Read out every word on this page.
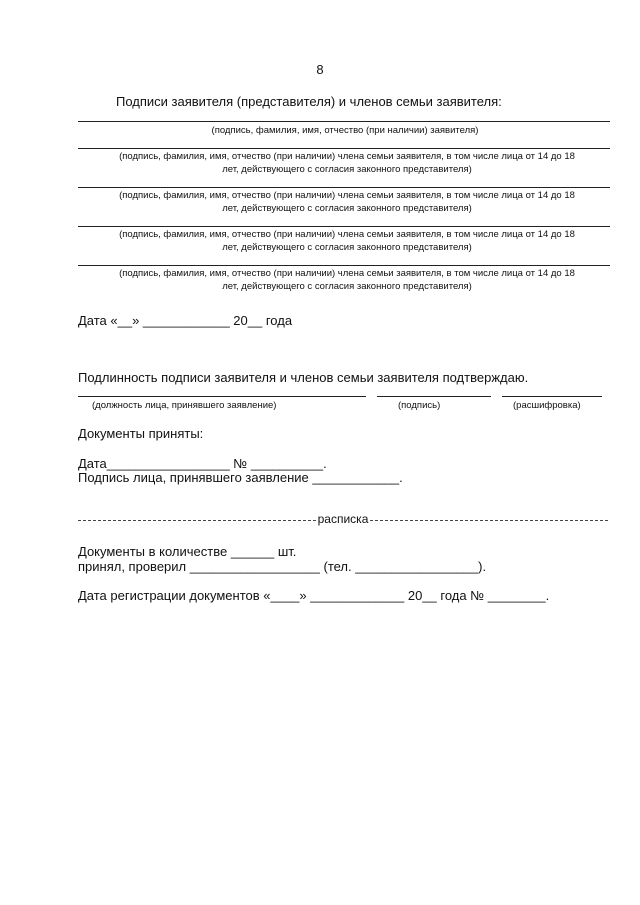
8
Подписи заявителя (представителя) и членов семьи заявителя:
(подпись, фамилия, имя, отчество (при наличии) заявителя)
(подпись, фамилия, имя, отчество (при наличии) члена семьи заявителя, в том числе лица от 14 до 18
лет, действующего с согласия законного представителя)
(подпись, фамилия, имя, отчество (при наличии) члена семьи заявителя, в том числе лица от 14 до 18
лет, действующего с согласия законного представителя)
(подпись, фамилия, имя, отчество (при наличии) члена семьи заявителя, в том числе лица от 14 до 18
лет, действующего с согласия законного представителя)
(подпись, фамилия, имя, отчество (при наличии) члена семьи заявителя, в том числе лица от 14 до 18
лет, действующего с согласия законного представителя)
Дата «__» ____________ 20__ года
Подлинность подписи заявителя и членов семьи заявителя подтверждаю.
(должность лица, принявшего заявление)	(подпись)	(расшифровка)
Документы приняты:
Дата_________________ № __________.
Подпись лица, принявшего заявление ____________.
расписка
Документы в количестве ______ шт.
принял, проверил __________________ (тел. _________________).
Дата регистрации документов «____» _____________ 20__ года № ________.
